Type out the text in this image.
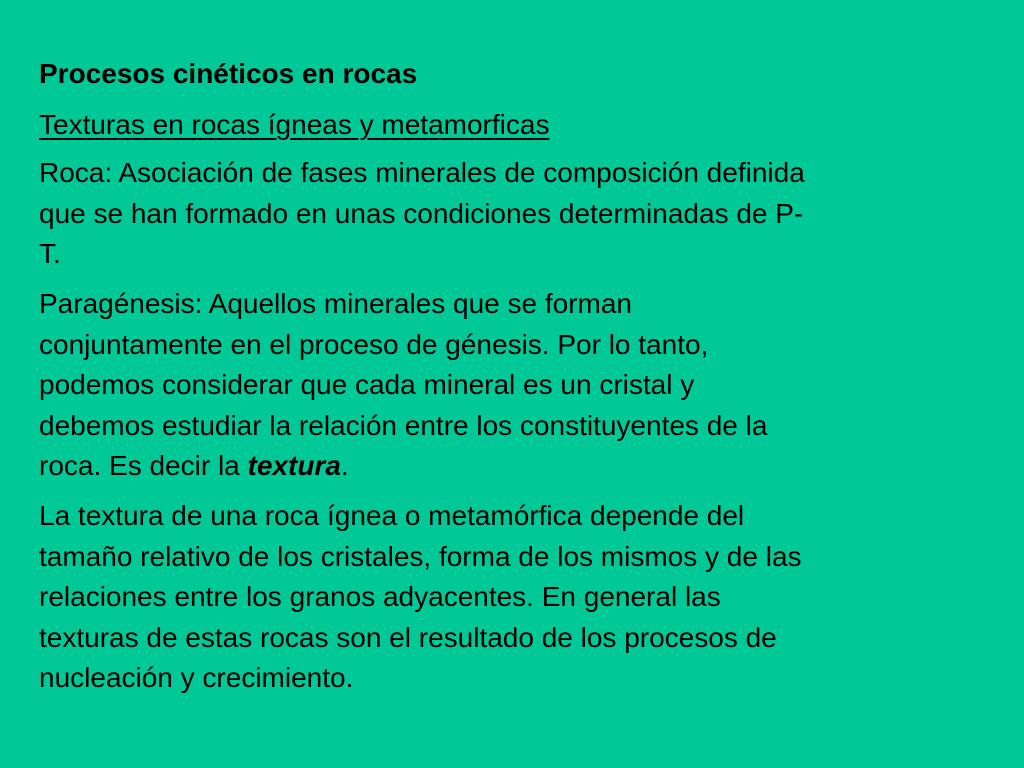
Procesos cinéticos en rocas

Texturas en rocas ígneas y metamorficas

Roca: Asociación de fases minerales de composición definida
que se han formado en unas condiciones determinadas de P-
T.

Paragénesis: Aquellos minerales que se forman
conjuntamente en el proceso de génesis. Por lo tanto,
podemos considerar que cada mineral es un cristal y
debemos estudiar la relación entre los constituyentes de la
roca. Es decir la textura.

La textura de una roca ígnea o metamórfica depende del
tamaño relativo de los cristales, forma de los mismos y de las
relaciones entre los granos adyacentes. En general las
texturas de estas rocas son el resultado de los procesos de
nucleación y crecimiento.
